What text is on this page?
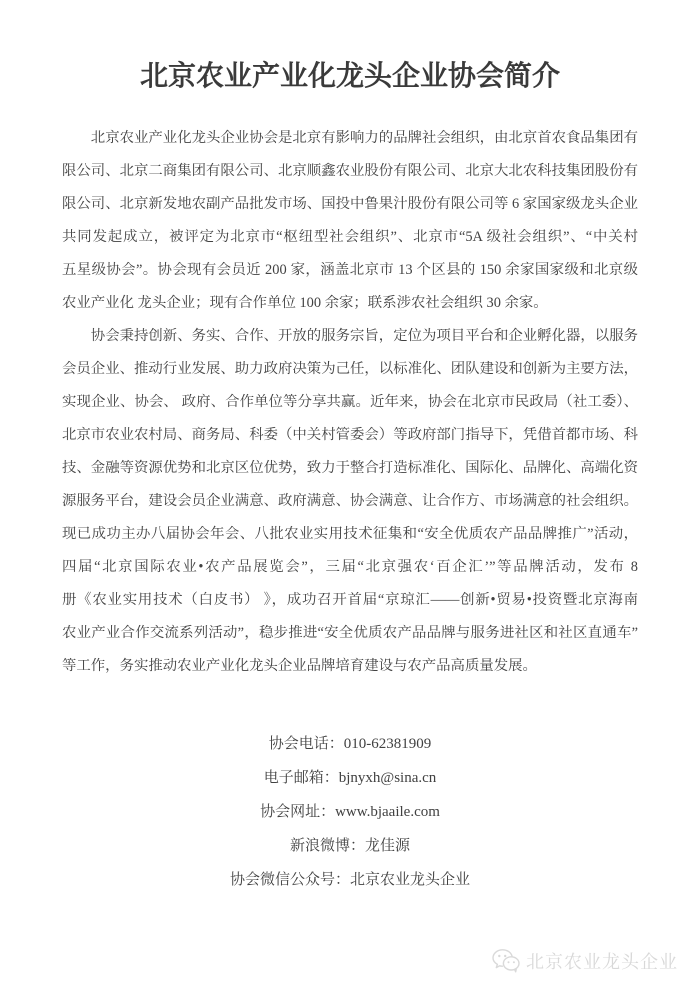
北京农业产业化龙头企业协会简介
北京农业产业化龙头企业协会是北京有影响力的品牌社会组织，由北京首农食品集团有
限公司、北京二商集团有限公司、北京顺鑫农业股份有限公司、北京大北农科技集团股份有
限公司、北京新发地农副产品批发市场、国投中鲁果汁股份有限公司等 6 家国家级龙头企业
共同发起成立，被评定为北京市“枢纽型社会组织”、北京市“5A 级社会组织”、“中关村
五星级协会”。协会现有会员近 200 家，涵盖北京市 13 个区县的 150 余家国家级和北京级
农业产业化 龙头企业；现有合作单位 100 余家；联系涉农社会组织 30 余家。
协会秉持创新、务实、合作、开放的服务宗旨，定位为项目平台和企业孵化器，以服务
会员企业、推动行业发展、助力政府决策为己任，以标准化、团队建设和创新为主要方法，
实现企业、协会、 政府、合作单位等分享共赢。近年来，协会在北京市民政局（社工委）、
北京市农业农村局、商务局、科委（中关村管委会）等政府部门指导下，凭借首都市场、科
技、金融等资源优势和北京区位优势，致力于整合打造标准化、国际化、品牌化、高端化资
源服务平台，建设会员企业满意、政府满意、协会满意、让合作方、市场满意的社会组织。
现已成功主办八届协会年会、八批农业实用技术征集和“安全优质农产品品牌推广”活动，
四届“北京国际农业•农产品展览会”，三届“北京强农‘百企汇’”等品牌活动，发布 8
册《农业实用技术（白皮书） 》，成功召开首届“京琼汇——创新•贸易•投资暨北京海南
农业产业合作交流系列活动”，稳步推进“安全优质农产品品牌与服务进社区和社区直通车”
等工作，务实推动农业产业化龙头企业品牌培育建设与农产品高质量发展。
协会电话：010-62381909
电子邮箱：bjnyxh@sina.cn
协会网址：www.bjaaile.com
新浪微博：龙佳源
协会微信公众号：北京农业龙头企业
北京农业龙头企业
